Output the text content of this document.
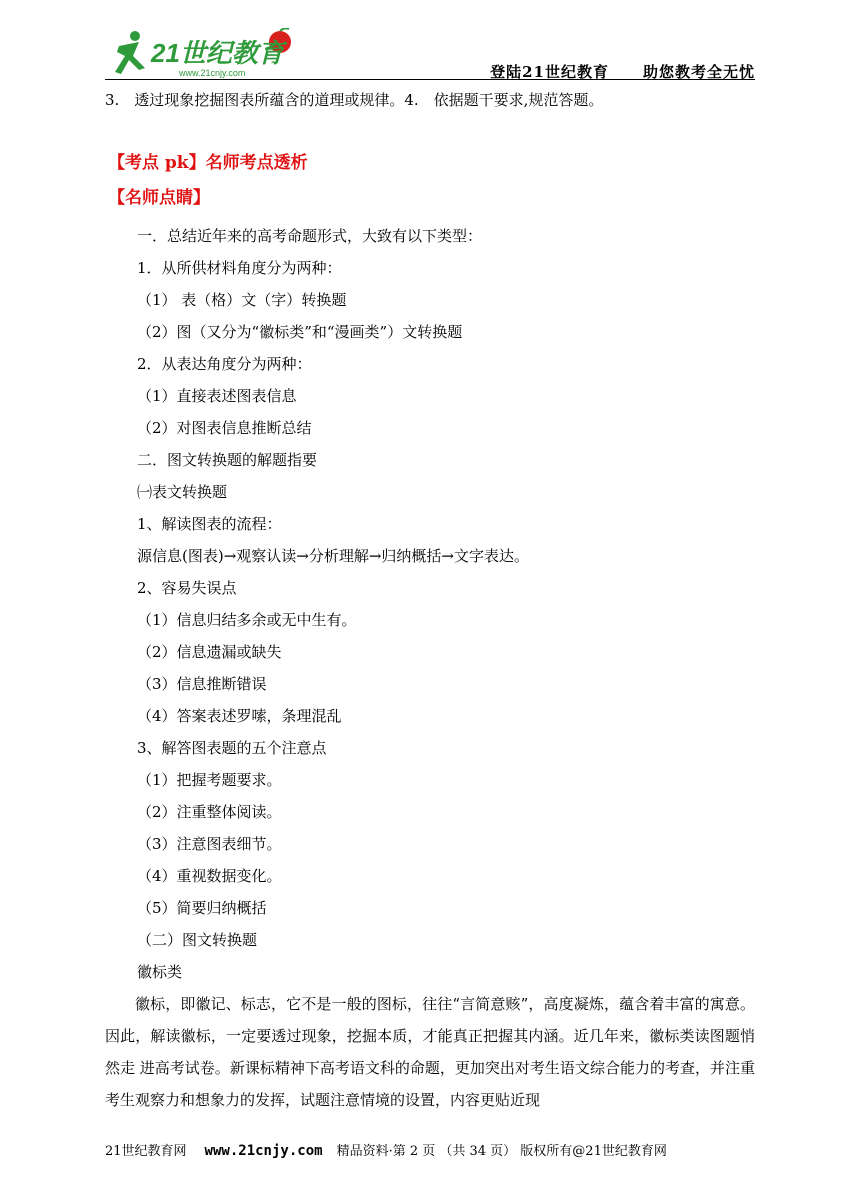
21世纪教育
www.21cnjy.com	登陆21世纪教育 助您教考全无忧
3.　透过现象挖掘图表所蕴含的道理或规律。4.　依据题干要求,规范答题。
【考点 pk】名师考点透析
【名师点睛】
一．总结近年来的高考命题形式，大致有以下类型：
1．从所供材料角度分为两种：
（1） 表（格）文（字）转换题
（2）图（又分为“徽标类”和“漫画类”）文转换题
2．从表达角度分为两种：
（1）直接表述图表信息
（2）对图表信息推断总结
二．图文转换题的解题指要
㈠表文转换题
1、解读图表的流程：
源信息(图表)→观察认读→分析理解→归纳概括→文字表达。
2、容易失误点
（1）信息归结多余或无中生有。
（2）信息遗漏或缺失
（3）信息推断错误
（4）答案表述罗嗦，条理混乱
3、解答图表题的五个注意点
（1）把握考题要求。
（2）注重整体阅读。
（3）注意图表细节。
（4）重视数据变化。
（5）简要归纳概括
（二）图文转换题
徽标类
徽标，即徽记、标志，它不是一般的图标，往往“言简意赅”，高度凝炼，蕴含着丰富的寓意。因此，解读徽标，一定要透过现象，挖掘本质，才能真正把握其内涵。近几年来，徽标类读图题悄然走 进高考试卷。新课标精神下高考语文科的命题，更加突出对考生语文综合能力的考查，并注重考生观察力和想象力的发挥，试题注意情境的设置，内容更贴近现
21世纪教育网 www.21cnjy.com 精品资料·第 2 页 （共 34 页） 版权所有@21世纪教育网
